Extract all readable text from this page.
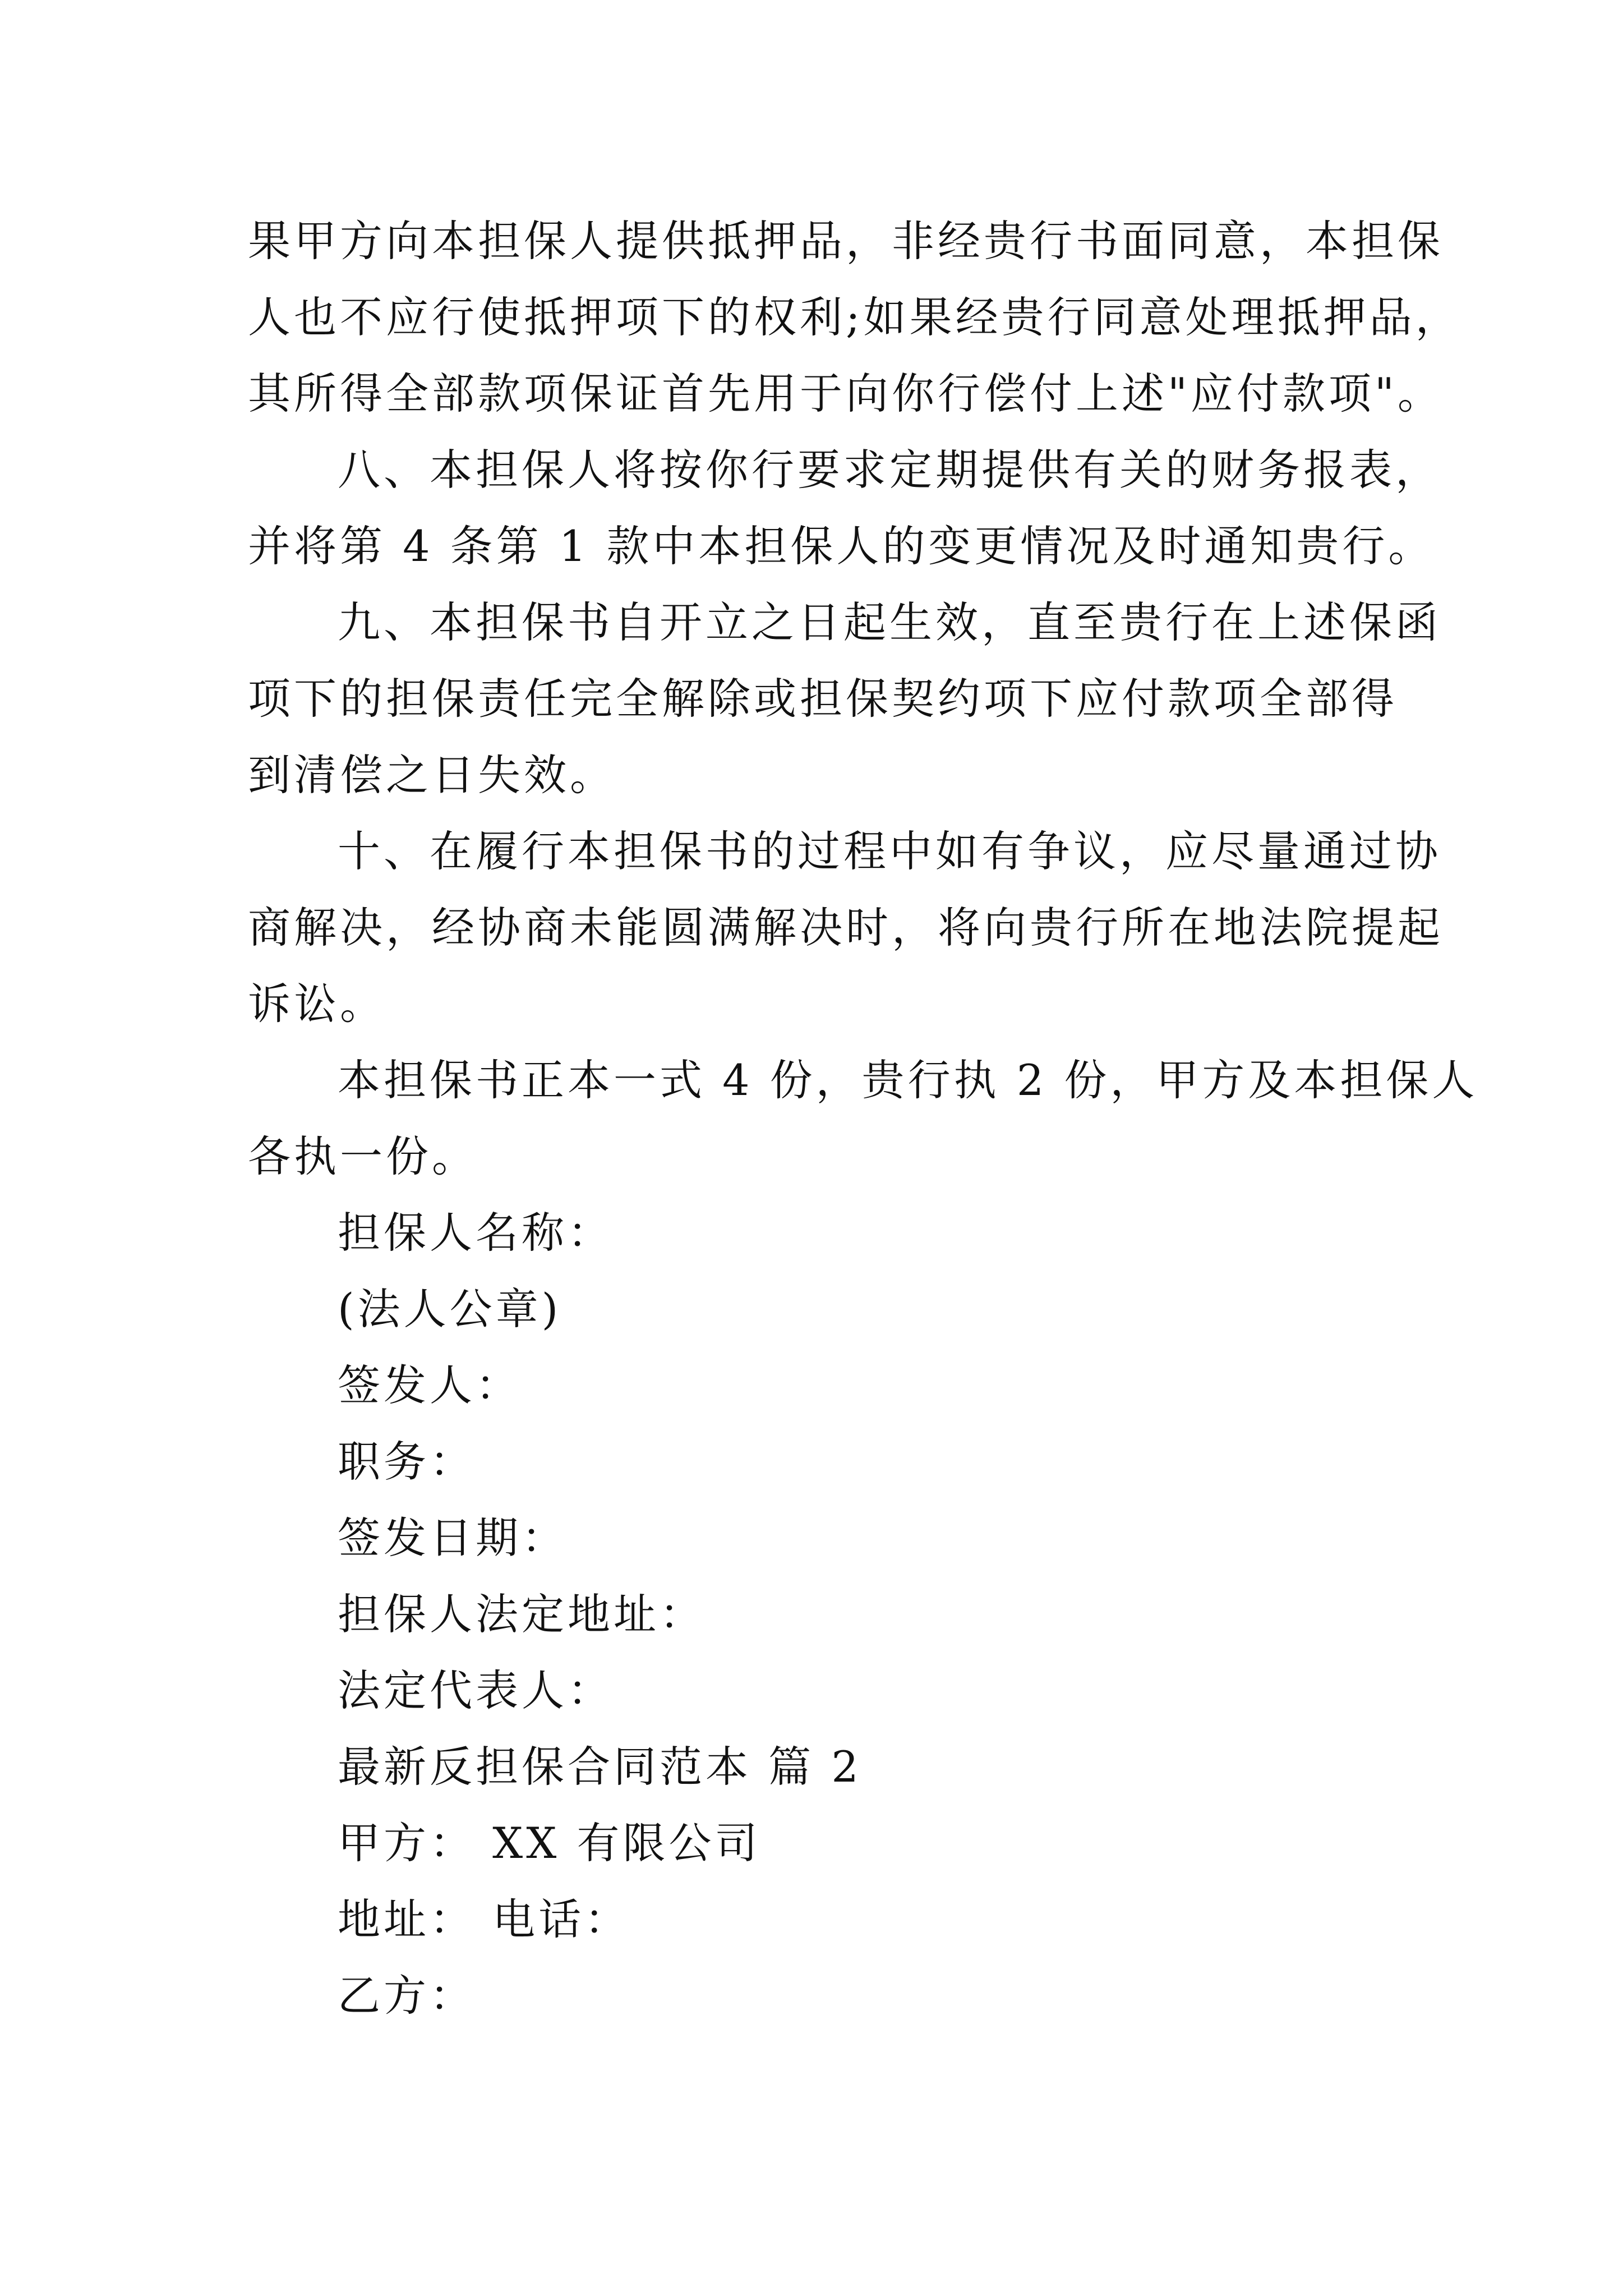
果甲方向本担保人提供抵押品，非经贵行书面同意，本担保
人也不应行使抵押项下的权利;如果经贵行同意处理抵押品，
其所得全部款项保证首先用于向你行偿付上述"应付款项"。
八、本担保人将按你行要求定期提供有关的财务报表，
并将第 4 条第 1 款中本担保人的变更情况及时通知贵行。
九、本担保书自开立之日起生效，直至贵行在上述保函
项下的担保责任完全解除或担保契约项下应付款项全部得
到清偿之日失效。
十、在履行本担保书的过程中如有争议，应尽量通过协
商解决，经协商未能圆满解决时，将向贵行所在地法院提起
诉讼。
本担保书正本一式 4 份，贵行执 2 份，甲方及本担保人
各执一份。
担保人名称：
(法人公章)
签发人：
职务：
签发日期：
担保人法定地址：
法定代表人：
最新反担保合同范本 篇 2
甲方： XX 有限公司
地址： 电话：
乙方：
